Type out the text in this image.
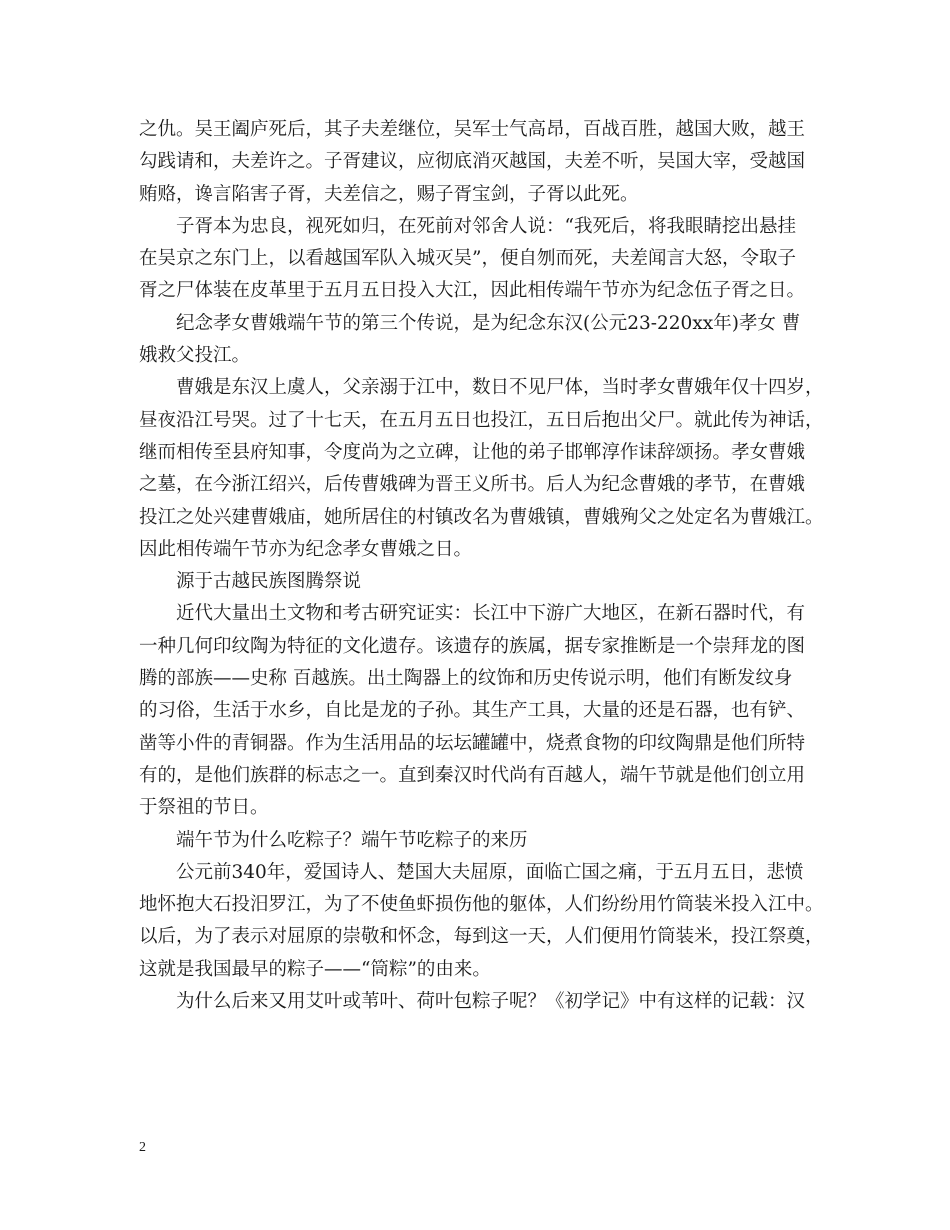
之仇。吴王阖庐死后，其子夫差继位，吴军士气高昂，百战百胜，越国大败，越王
勾践请和，夫差许之。子胥建议，应彻底消灭越国，夫差不听，吴国大宰，受越国
贿赂，谗言陷害子胥，夫差信之，赐子胥宝剑，子胥以此死。
子胥本为忠良，视死如归，在死前对邻舍人说：“我死后，将我眼睛挖出悬挂
在吴京之东门上，以看越国军队入城灭吴”，便自刎而死，夫差闻言大怒，令取子
胥之尸体装在皮革里于五月五日投入大江，因此相传端午节亦为纪念伍子胥之日。
纪念孝女曹娥端午节的第三个传说，是为纪念东汉(公元23-220xx年)孝女 曹
娥救父投江。
曹娥是东汉上虞人，父亲溺于江中，数日不见尸体，当时孝女曹娥年仅十四岁，
昼夜沿江号哭。过了十七天，在五月五日也投江，五日后抱出父尸。就此传为神话，
继而相传至县府知事，令度尚为之立碑，让他的弟子邯郸淳作诔辞颂扬。孝女曹娥
之墓，在今浙江绍兴，后传曹娥碑为晋王义所书。后人为纪念曹娥的孝节，在曹娥
投江之处兴建曹娥庙，她所居住的村镇改名为曹娥镇，曹娥殉父之处定名为曹娥江。
因此相传端午节亦为纪念孝女曹娥之日。
源于古越民族图腾祭说
近代大量出土文物和考古研究证实：长江中下游广大地区，在新石器时代，有
一种几何印纹陶为特征的文化遗存。该遗存的族属，据专家推断是一个崇拜龙的图
腾的部族——史称 百越族。出土陶器上的纹饰和历史传说示明，他们有断发纹身
的习俗，生活于水乡，自比是龙的子孙。其生产工具，大量的还是石器，也有铲、
凿等小件的青铜器。作为生活用品的坛坛罐罐中，烧煮食物的印纹陶鼎是他们所特
有的，是他们族群的标志之一。直到秦汉时代尚有百越人，端午节就是他们创立用
于祭祖的节日。
端午节为什么吃粽子？端午节吃粽子的来历
公元前340年，爱国诗人、楚国大夫屈原，面临亡国之痛，于五月五日，悲愤
地怀抱大石投汨罗江，为了不使鱼虾损伤他的躯体，人们纷纷用竹筒装米投入江中。
以后，为了表示对屈原的崇敬和怀念，每到这一天，人们便用竹筒装米，投江祭奠，
这就是我国最早的粽子——“筒粽”的由来。
为什么后来又用艾叶或苇叶、荷叶包粽子呢？《初学记》中有这样的记载：汉
2
